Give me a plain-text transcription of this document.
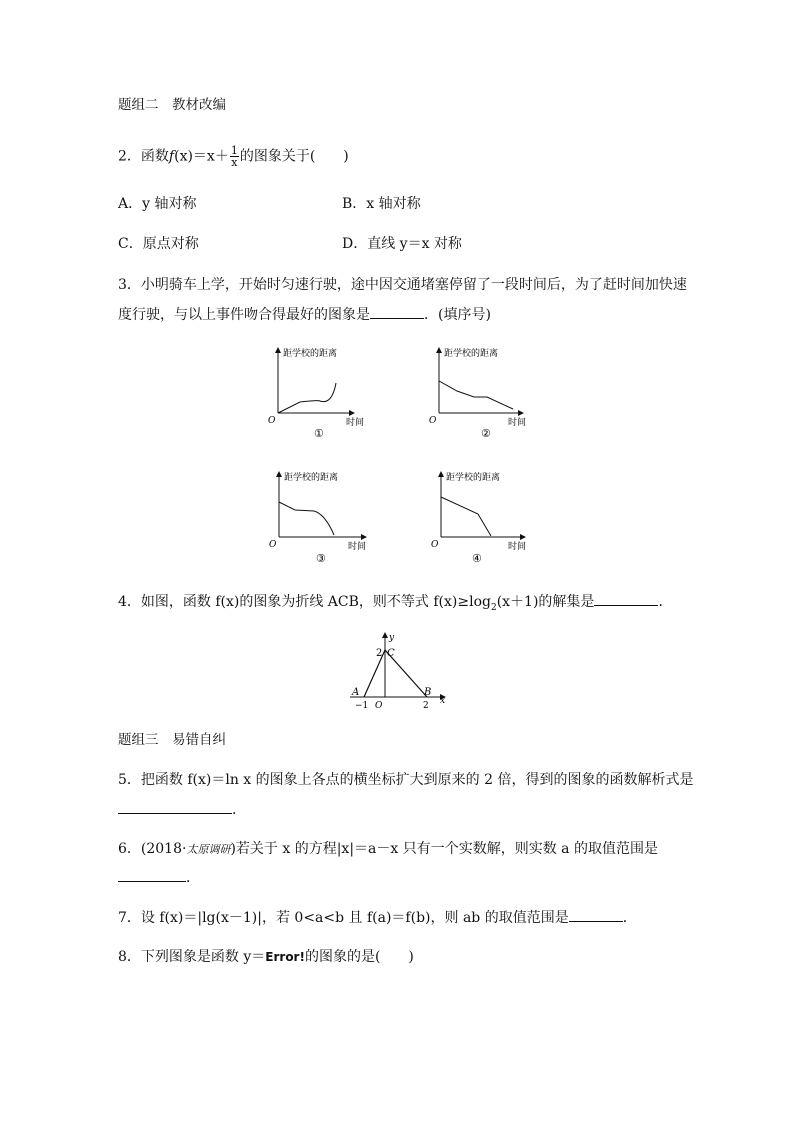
题组二　教材改编
2．函数$f(x)=x+ \frac{1}{x}$ 的图象关于(　　)
A．y 轴对称	B．x 轴对称
C．原点对称	D．直线 y＝x 对称
3．小明骑车上学，开始时匀速行驶，途中因交通堵塞停留了一段时间后，为了赶时间加快速
度行驶，与以上事件吻合得最好的图象是	．(填序号)
距学校的距离
O	时间
①
距学校的距离
O	时间
②
距学校的距离
O	时间
③
距学校的距离
O	时间
④
y
x
C
2
A	B
−1 O	2
4．如图，函数 f(x)的图象为折线 ACB，则不等式 $f(x)\ge\log_2(x+1)$的解集是	．
题组三　易错自纠
5．把函数 f(x)＝ln x 的图象上各点的横坐标扩大到原来的 2 倍，得到的图象的函数解析式是
．
6．(2018·太原调研)若关于 x 的方程|x|＝a－x 只有一个实数解，则实数 a 的取值范围是
．
7．设 f(x)＝|lg(x－1)|，若 0<a<b 且 f(a)＝f(b)，则 ab 的取值范围是	．
8．下列图象是函数 y＝Error!的图象的是(　　)
